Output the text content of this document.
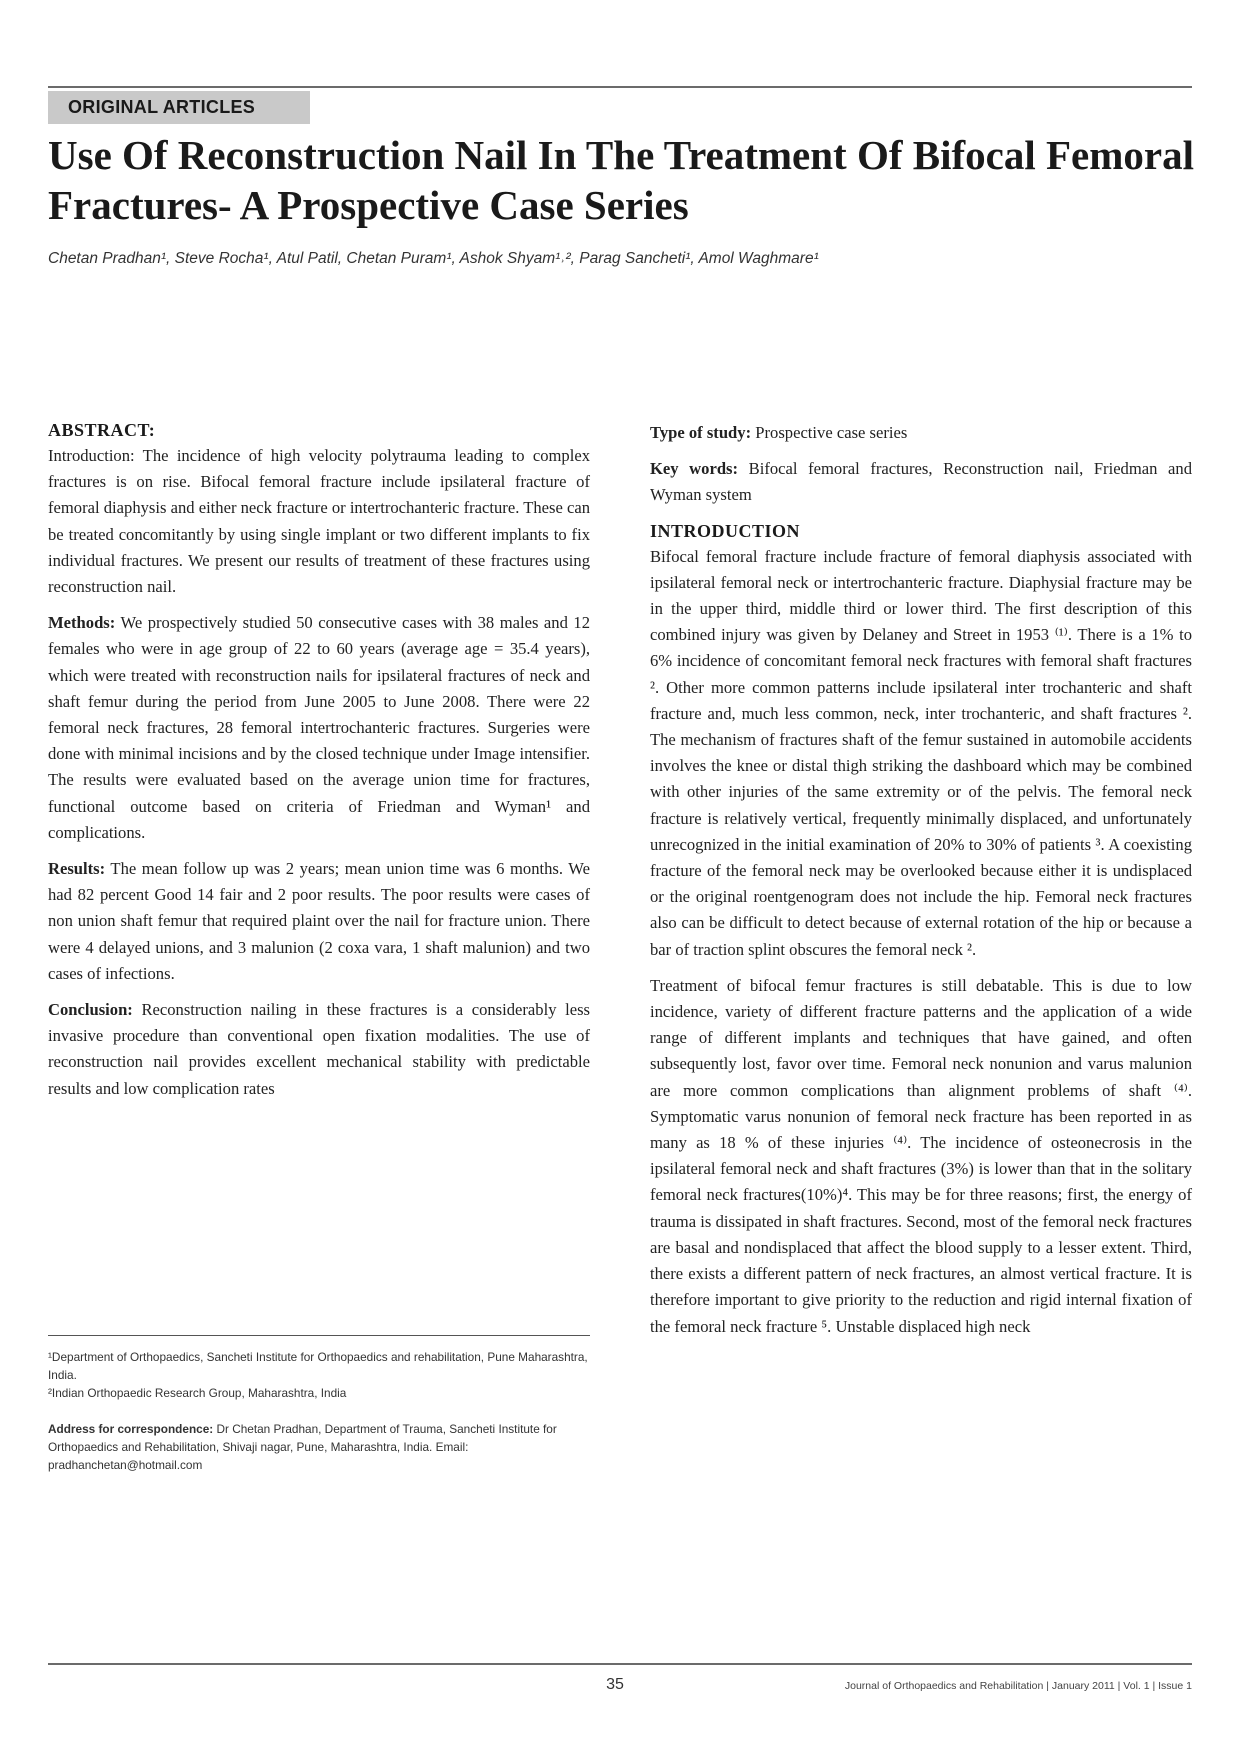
ORIGINAL ARTICLES
Use Of Reconstruction Nail In The Treatment Of Bifocal Femoral Fractures- A Prospective Case Series
Chetan Pradhan¹, Steve Rocha¹, Atul Patil, Chetan Puram¹, Ashok Shyam¹˒², Parag Sancheti¹, Amol Waghmare¹
ABSTRACT:

Introduction: The incidence of high velocity polytrauma leading to complex fractures is on rise. Bifocal femoral fracture include ipsilateral fracture of femoral diaphysis and either neck fracture or intertrochanteric fracture. These can be treated concomitantly by using single implant or two different implants to fix individual fractures. We present our results of treatment of these fractures using reconstruction nail.

Methods: We prospectively studied 50 consecutive cases with 38 males and 12 females who were in age group of 22 to 60 years (average age = 35.4 years), which were treated with reconstruction nails for ipsilateral fractures of neck and shaft femur during the period from June 2005 to June 2008. There were 22 femoral neck fractures, 28 femoral intertrochanteric fractures. Surgeries were done with minimal incisions and by the closed technique under Image intensifier. The results were evaluated based on the average union time for fractures, functional outcome based on criteria of Friedman and Wyman¹ and complications.

Results: The mean follow up was 2 years; mean union time was 6 months. We had 82 percent Good 14 fair and 2 poor results. The poor results were cases of non union shaft femur that required plaint over the nail for fracture union. There were 4 delayed unions, and 3 malunion (2 coxa vara, 1 shaft malunion) and two cases of infections.

Conclusion: Reconstruction nailing in these fractures is a considerably less invasive procedure than conventional open fixation modalities. The use of reconstruction nail provides excellent mechanical stability with predictable results and low complication rates

Type of study: Prospective case series

Key words: Bifocal femoral fractures, Reconstruction nail, Friedman and Wyman system

INTRODUCTION

Bifocal femoral fracture include fracture of femoral diaphysis associated with ipsilateral femoral neck or intertrochanteric fracture. Diaphysial fracture may be in the upper third, middle third or lower third. The first description of this combined injury was given by Delaney and Street in 1953 ⁽¹⁾. There is a 1% to 6% incidence of concomitant femoral neck fractures with femoral shaft fractures ². Other more common patterns include ipsilateral inter trochanteric and shaft fracture and, much less common, neck, inter trochanteric, and shaft fractures ². The mechanism of fractures shaft of the femur sustained in automobile accidents involves the knee or distal thigh striking the dashboard which may be combined with other injuries of the same extremity or of the pelvis. The femoral neck fracture is relatively vertical, frequently minimally displaced, and unfortunately unrecognized in the initial examination of 20% to 30% of patients ³. A coexisting fracture of the femoral neck may be overlooked because either it is undisplaced or the original roentgenogram does not include the hip. Femoral neck fractures also can be difficult to detect because of external rotation of the hip or because a bar of traction splint obscures the femoral neck ².

Treatment of bifocal femur fractures is still debatable. This is due to low incidence, variety of different fracture patterns and the application of a wide range of different implants and techniques that have gained, and often subsequently lost, favor over time. Femoral neck nonunion and varus malunion are more common complications than alignment problems of shaft ⁽⁴⁾. Symptomatic varus nonunion of femoral neck fracture has been reported in as many as 18 % of these injuries ⁽⁴⁾. The incidence of osteonecrosis in the ipsilateral femoral neck and shaft fractures (3%) is lower than that in the solitary femoral neck fractures(10%)⁴. This may be for three reasons; first, the energy of trauma is dissipated in shaft fractures. Second, most of the femoral neck fractures are basal and nondisplaced that affect the blood supply to a lesser extent. Third, there exists a different pattern of neck fractures, an almost vertical fracture. It is therefore important to give priority to the reduction and rigid internal fixation of the femoral neck fracture ⁵. Unstable displaced high neck

¹Department of Orthopaedics, Sancheti Institute for Orthopaedics and rehabilitation, Pune Maharashtra, India.
²Indian Orthopaedic Research Group, Maharashtra, India
Address for correspondence: Dr Chetan Pradhan, Department of Trauma, Sancheti Institute for Orthopaedics and Rehabilitation, Shivaji nagar, Pune, Maharashtra, India. Email: pradhanchetan@hotmail.com
35	Journal of Orthopaedics and Rehabilitation | January 2011 | Vol. 1 | Issue 1
